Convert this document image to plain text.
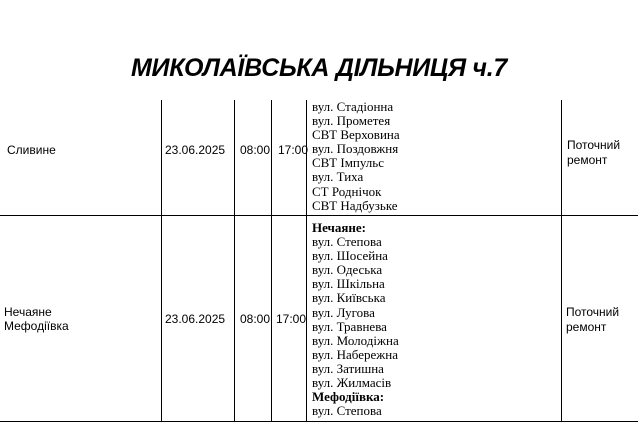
МИКОЛАЇВСЬКА ДІЛЬНИЦЯ ч.7
Сливине	23.06.2025 08:00 17:00
вул. Стадіонна
вул. Прометея
СВТ Верховина
вул. Поздовжня
СВТ Імпульс
вул. Тиха
СТ Роднічок
СВТ Надбузьке
Поточний
ремонт
Нечаяне
Мефодіївка	23.06.2025 08:00 17:00
Нечаяне:
вул. Степова
вул. Шосейна
вул. Одеська
вул. Шкільна
вул. Київська
вул. Лугова
вул. Травнева
вул. Молодіжна
вул. Набережна
вул. Затишна
вул. Жилмасів
Мефодіївка:
вул. Степова
Поточний
ремонт
